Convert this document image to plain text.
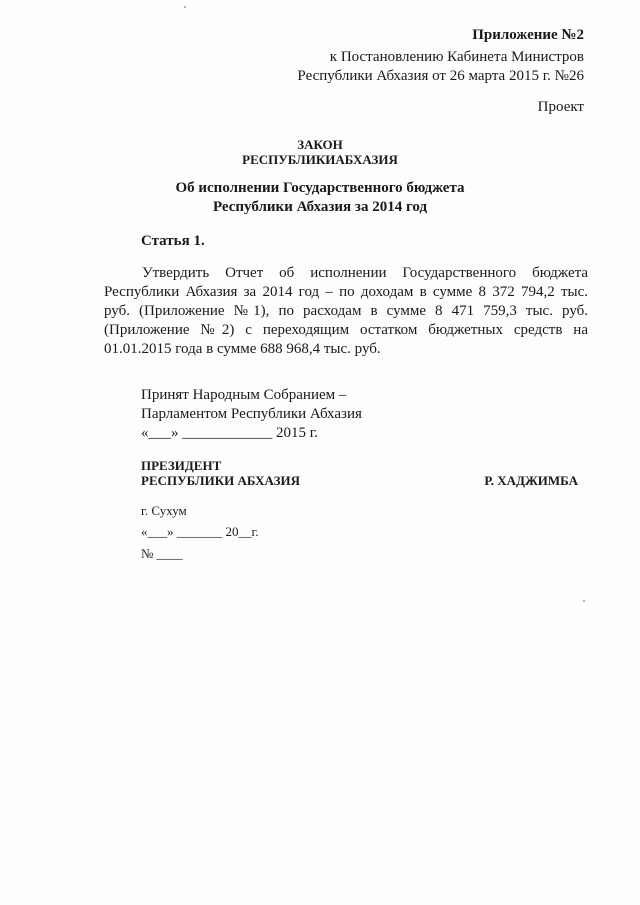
Приложение №2
к Постановлению Кабинета Министров
Республики Абхазия от 26 марта 2015 г. №26
Проект
ЗАКОН
РЕСПУБЛИКИАБХАЗИЯ
Об исполнении Государственного бюджета
Республики Абхазия за 2014 год
Статья 1.
Утвердить Отчет об исполнении Государственного бюджета
Республики Абхазия за 2014 год – по доходам в сумме 8 372 794,2 тыс.
руб. (Приложение №1), по расходам в сумме 8 471 759,3 тыс. руб.
(Приложение №2) с переходящим остатком бюджетных средств на
01.01.2015 года в сумме 688 968,4 тыс. руб.
Принят Народным Собранием –
Парламентом Республики Абхазия
«___» ____________ 2015 г.
ПРЕЗИДЕНТ
РЕСПУБЛИКИ АБХАЗИЯ	Р. ХАДЖИМБА
г. Сухум
«___» _______ 20__г.
№ ____
